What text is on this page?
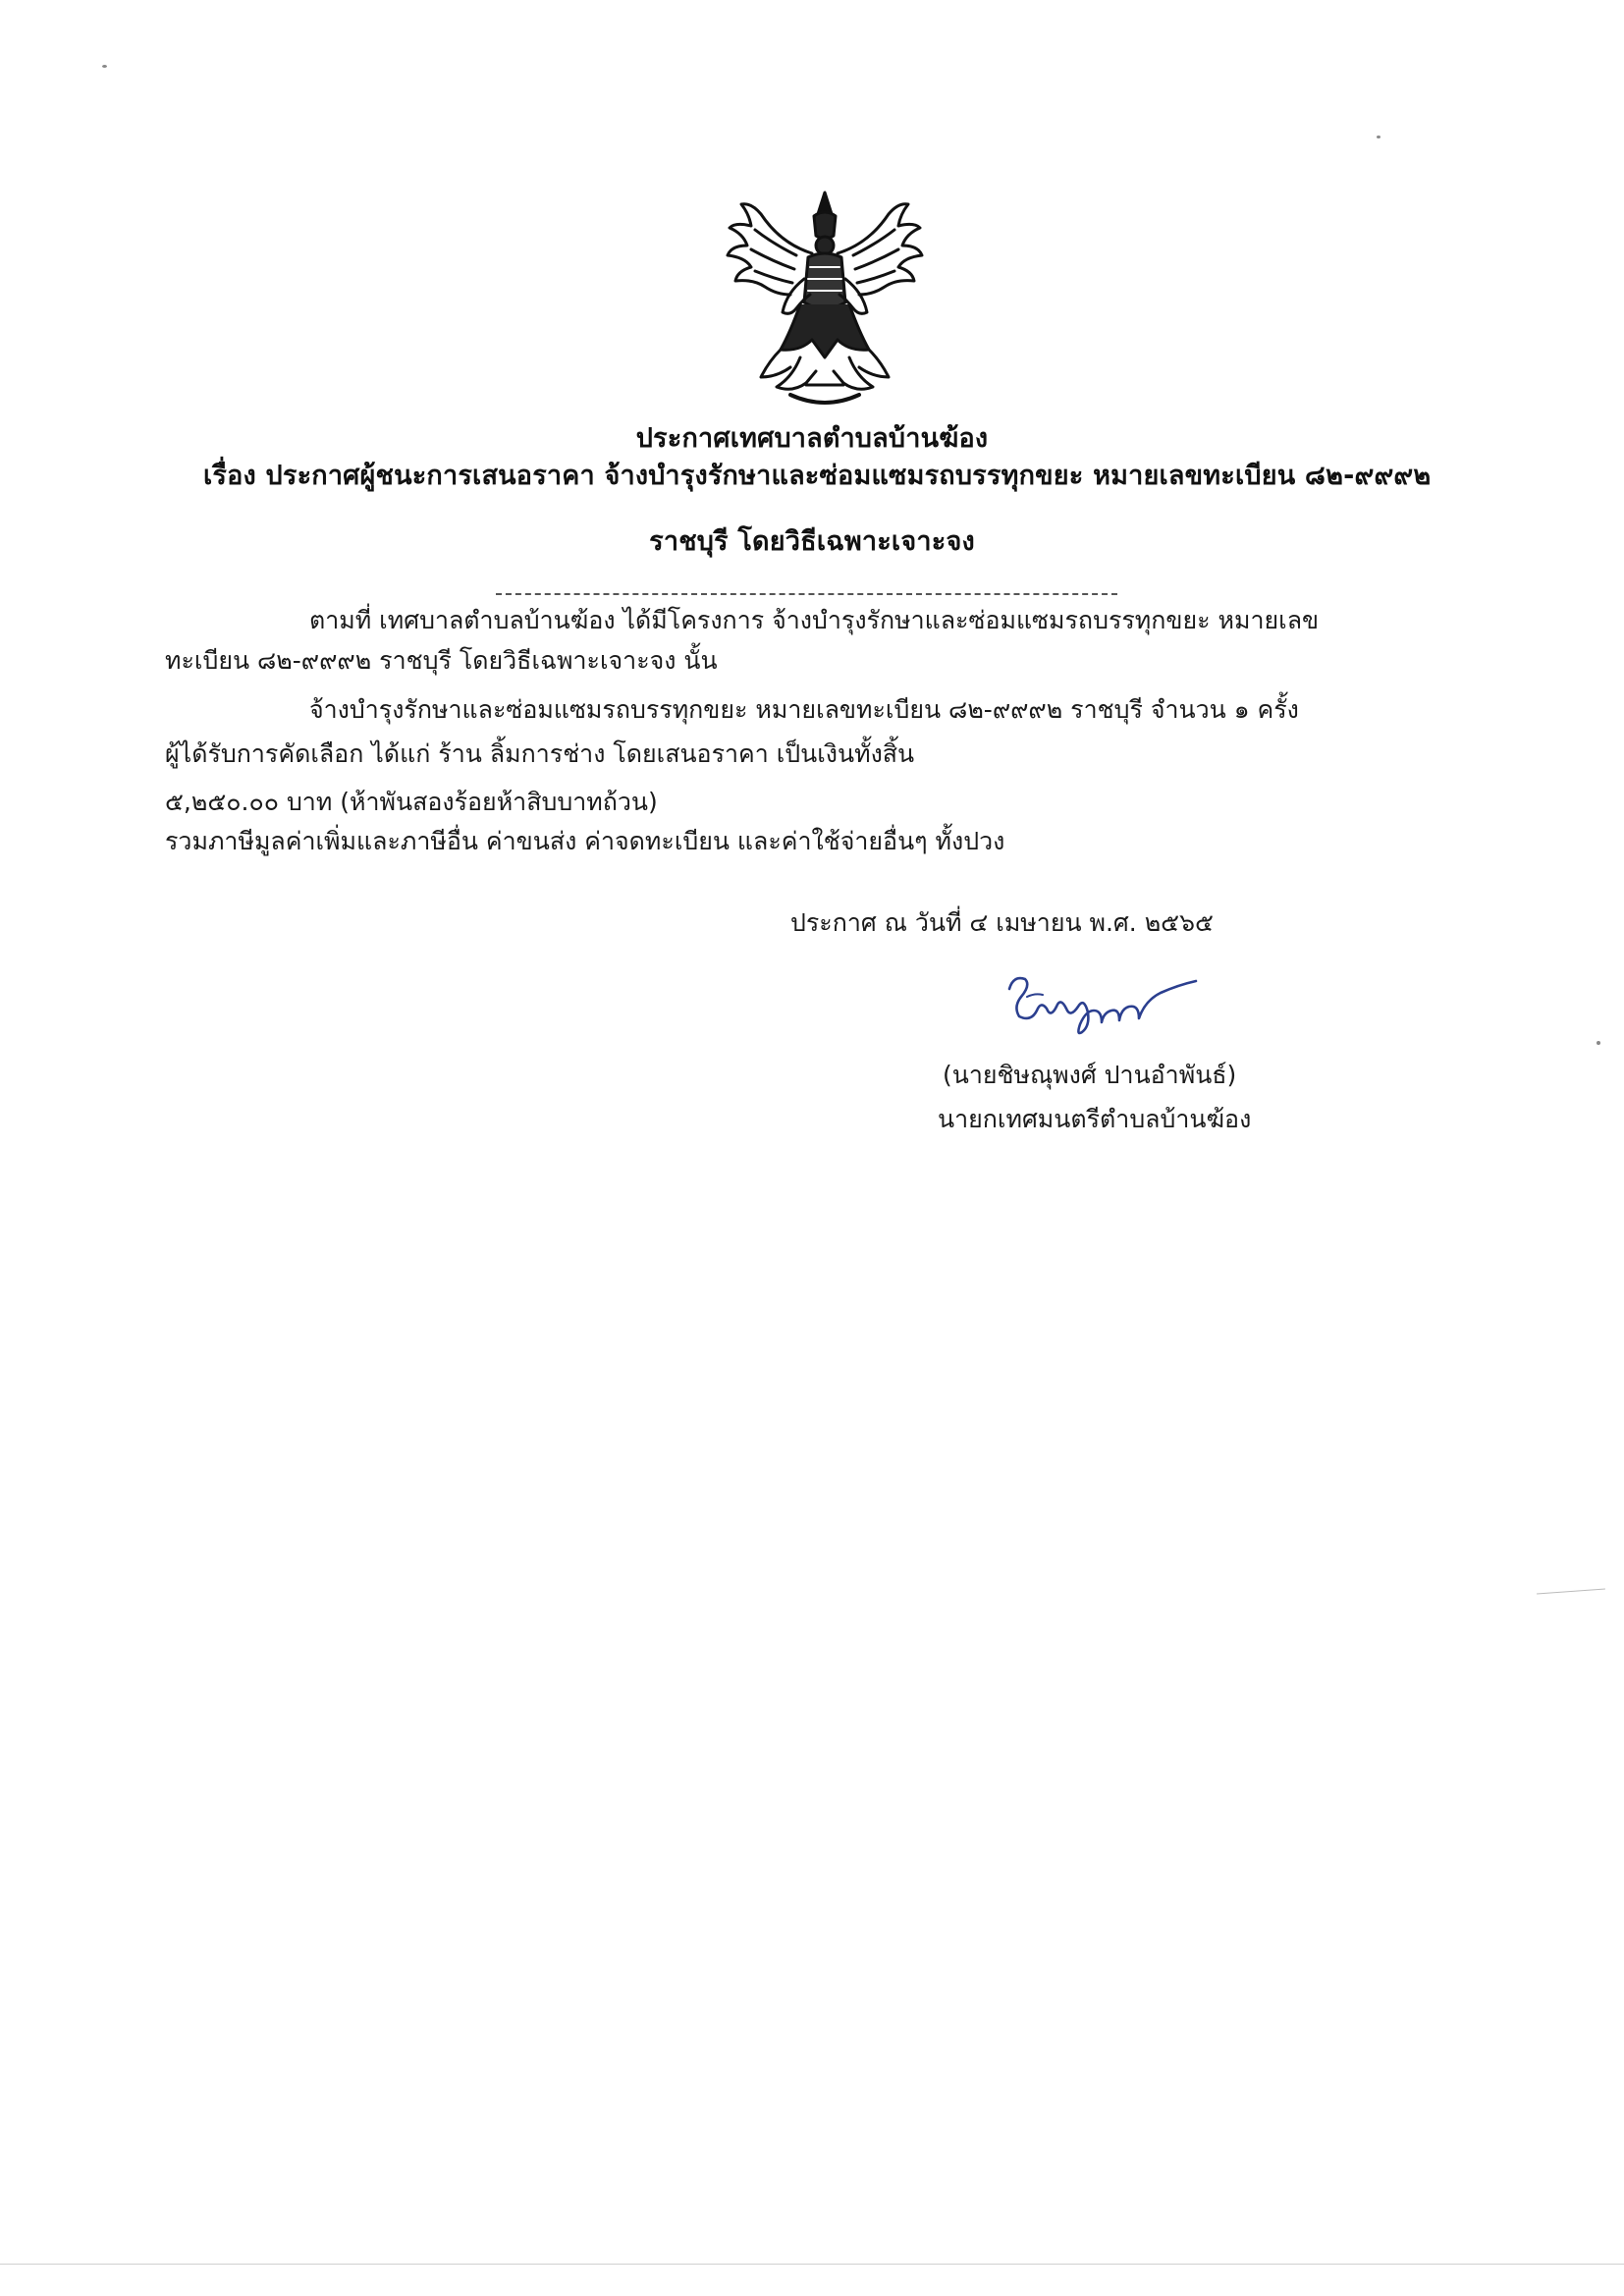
ประกาศเทศบาลตำบลบ้านฆ้อง
เรื่อง ประกาศผู้ชนะการเสนอราคา จ้างบำรุงรักษาและซ่อมแซมรถบรรทุกขยะ หมายเลขทะเบียน ๘๒-๙๙๙๒
ราชบุรี โดยวิธีเฉพาะเจาะจง
ตามที่ เทศบาลตำบลบ้านฆ้อง ได้มีโครงการ จ้างบำรุงรักษาและซ่อมแซมรถบรรทุกขยะ หมายเลข
ทะเบียน ๘๒-๙๙๙๒ ราชบุรี โดยวิธีเฉพาะเจาะจง นั้น
จ้างบำรุงรักษาและซ่อมแซมรถบรรทุกขยะ หมายเลขทะเบียน ๘๒-๙๙๙๒ ราชบุรี จำนวน ๑ ครั้ง
ผู้ได้รับการคัดเลือก ได้แก่ ร้าน ลิ้มการช่าง โดยเสนอราคา เป็นเงินทั้งสิ้น
๕,๒๕๐.๐๐ บาท (ห้าพันสองร้อยห้าสิบบาทถ้วน)
รวมภาษีมูลค่าเพิ่มและภาษีอื่น ค่าขนส่ง ค่าจดทะเบียน และค่าใช้จ่ายอื่นๆ ทั้งปวง
ประกาศ ณ วันที่ ๔ เมษายน พ.ศ. ๒๕๖๕
(นายชิษณุพงศ์ ปานอำพันธ์)
นายกเทศมนตรีตำบลบ้านฆ้อง
